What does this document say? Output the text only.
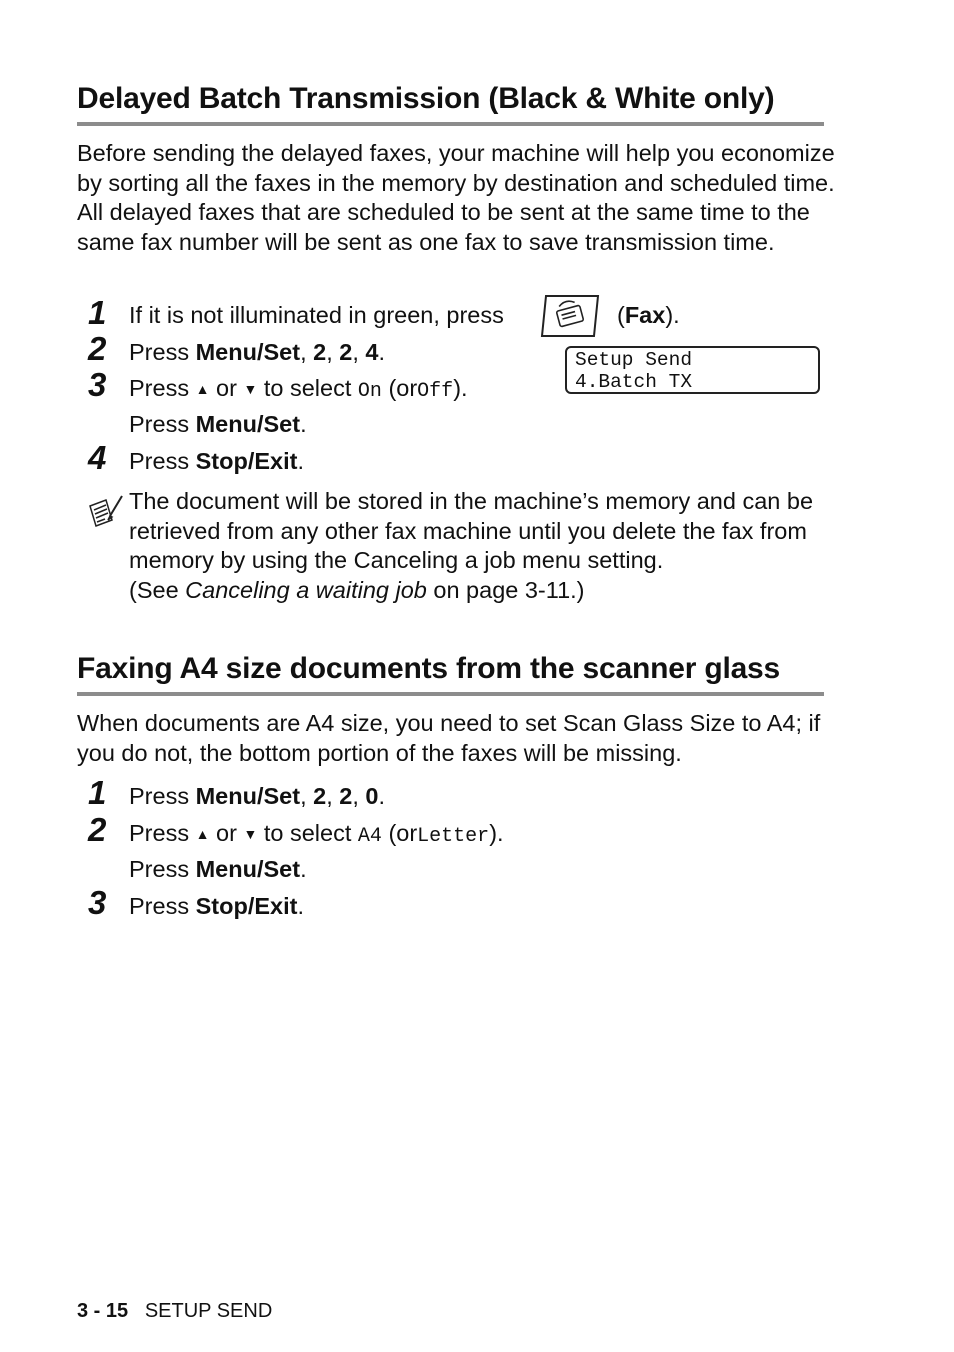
Delayed Batch Transmission (Black & White only)
Before sending the delayed faxes, your machine will help you economize by sorting all the faxes in the memory by destination and scheduled time. All delayed faxes that are scheduled to be sent at the same time to the same fax number will be sent as one fax to save transmission time.
1 If it is not illuminated in green, press	(Fax).
2 Press Menu/Set, 2, 2, 4.	Setup Send
4.Batch TX
3 Press ▲ or ▼ to select On (orOff).
Press Menu/Set.
4 Press Stop/Exit.
The document will be stored in the machine’s memory and can be retrieved from any other fax machine until you delete the fax from memory by using the Canceling a job menu setting.
(See Canceling a waiting job on page 3-11.)
Faxing A4 size documents from the scanner glass
When documents are A4 size, you need to set Scan Glass Size to A4; if you do not, the bottom portion of the faxes will be missing.
1 Press Menu/Set, 2, 2, 0.
2 Press ▲ or ▼ to select A4 (orLetter).
Press Menu/Set.
3 Press Stop/Exit.
3 - 15 SETUP SEND
